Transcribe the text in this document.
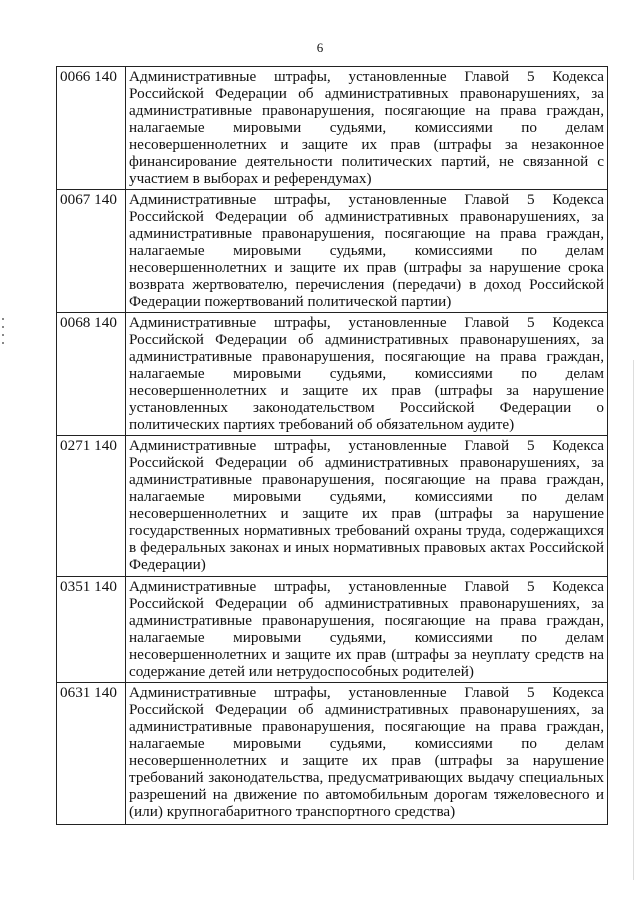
6
0066 140	Административные штрафы, установленные Главой 5 Кодекса Российской Федерации об административных правонарушениях, за административные правонарушения, посягающие на права граждан, налагаемые мировыми судьями, комиссиями по делам несовершеннолетних и защите их прав (штрафы за незаконное финансирование деятельности политических партий, не связанной с участием в выборах и референдумах)
0067 140	Административные штрафы, установленные Главой 5 Кодекса Российской Федерации об административных правонарушениях, за административные правонарушения, посягающие на права граждан, налагаемые мировыми судьями, комиссиями по делам несовершеннолетних и защите их прав (штрафы за нарушение срока возврата жертвователю, перечисления (передачи) в доход Российской Федерации пожертвований политической партии)
0068 140	Административные штрафы, установленные Главой 5 Кодекса Российской Федерации об административных правонарушениях, за административные правонарушения, посягающие на права граждан, налагаемые мировыми судьями, комиссиями по делам несовершеннолетних и защите их прав (штрафы за нарушение установленных законодательством Российской Федерации о политических партиях требований об обязательном аудите)
0271 140	Административные штрафы, установленные Главой 5 Кодекса Российской Федерации об административных правонарушениях, за административные правонарушения, посягающие на права граждан, налагаемые мировыми судьями, комиссиями по делам несовершеннолетних и защите их прав (штрафы за нарушение государственных нормативных требований охраны труда, содержащихся в федеральных законах и иных нормативных правовых актах Российской Федерации)
0351 140	Административные штрафы, установленные Главой 5 Кодекса Российской Федерации об административных правонарушениях, за административные правонарушения, посягающие на права граждан, налагаемые мировыми судьями, комиссиями по делам несовершеннолетних и защите их прав (штрафы за неуплату средств на содержание детей или нетрудоспособных родителей)
0631 140	Административные штрафы, установленные Главой 5 Кодекса Российской Федерации об административных правонарушениях, за административные правонарушения, посягающие на права граждан, налагаемые мировыми судьями, комиссиями по делам несовершеннолетних и защите их прав (штрафы за нарушение требований законодательства, предусматривающих выдачу специальных разрешений на движение по автомобильным дорогам тяжеловесного и (или) крупногабаритного транспортного средства)
